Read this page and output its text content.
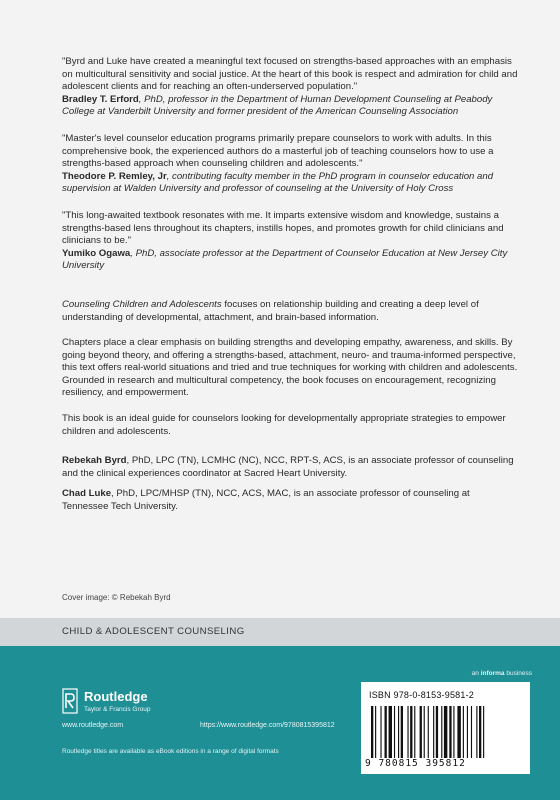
"Byrd and Luke have created a meaningful text focused on strengths-based approaches with an emphasis on multicultural sensitivity and social justice. At the heart of this book is respect and admiration for child and adolescent clients and for reaching an often-underserved population."
Bradley T. Erford, PhD, professor in the Department of Human Development Counseling at Peabody College at Vanderbilt University and former president of the American Counseling Association
"Master's level counselor education programs primarily prepare counselors to work with adults. In this comprehensive book, the experienced authors do a masterful job of teaching counselors how to use a strengths-based approach when counseling children and adolescents."
Theodore P. Remley, Jr, contributing faculty member in the PhD program in counselor education and supervision at Walden University and professor of counseling at the University of Holy Cross
"This long-awaited textbook resonates with me. It imparts extensive wisdom and knowledge, sustains a strengths-based lens throughout its chapters, instills hopes, and promotes growth for child clinicians and clinicians to be."
Yumiko Ogawa, PhD, associate professor at the Department of Counselor Education at New Jersey City University

Counseling Children and Adolescents focuses on relationship building and creating a deep level of understanding of developmental, attachment, and brain-based information.

Chapters place a clear emphasis on building strengths and developing empathy, awareness, and skills. By going beyond theory, and offering a strengths-based, attachment, neuro- and trauma-informed perspective, this text offers real-world situations and tried and true techniques for working with children and adolescents. Grounded in research and multicultural competency, the book focuses on encouragement, recognizing resiliency, and empowerment.

This book is an ideal guide for counselors looking for developmentally appropriate strategies to empower children and adolescents.

Rebekah Byrd, PhD, LPC (TN), LCMHC (NC), NCC, RPT-S, ACS, is an associate professor of counseling and the clinical experiences coordinator at Sacred Heart University.

Chad Luke, PhD, LPC/MHSP (TN), NCC, ACS, MAC, is an associate professor of counseling at Tennessee Tech University.

Cover image: © Rebekah Byrd
CHILD & ADOLESCENT COUNSELING
an informa business
Routledge
Taylor & Francis Group
www.routledge.com	https://www.routledge.com/9780815395812
Routledge titles are available as eBook editions in a range of digital formats
ISBN 978-0-8153-9581-2
9 780815 395812
